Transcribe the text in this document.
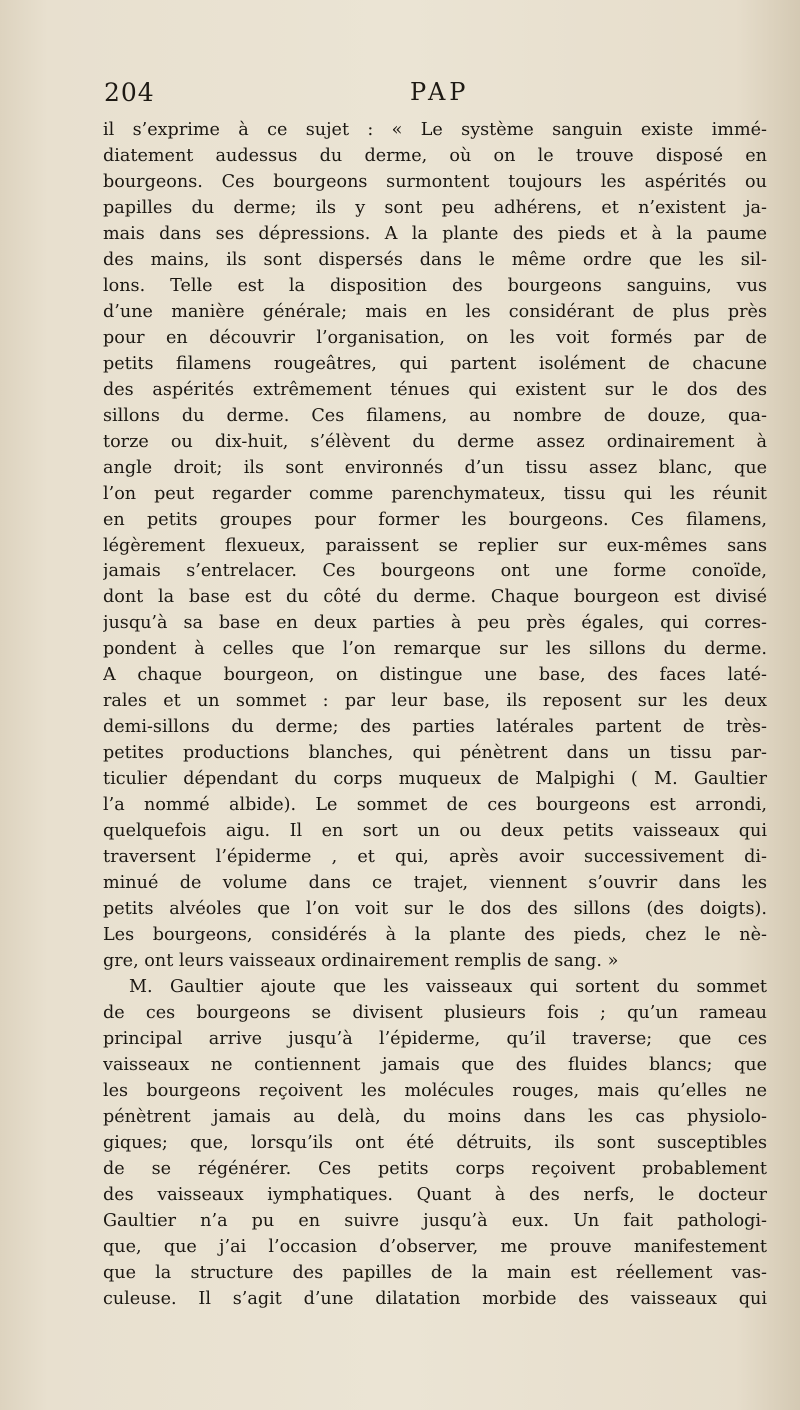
204	PAP
il s’exprime à ce sujet : « Le système sanguin existe immé-
diatement audessus du derme, où on le trouve disposé en
bourgeons. Ces bourgeons surmontent toujours les aspérités ou
papilles du derme; ils y sont peu adhérens, et n’existent ja-
mais dans ses dépressions. A la plante des pieds et à la paume
des mains, ils sont dispersés dans le même ordre que les sil-
lons. Telle est la disposition des bourgeons sanguins, vus
d’une manière générale; mais en les considérant de plus près
pour en découvrir l’organisation, on les voit formés par de
petits filamens rougeâtres, qui partent isolément de chacune
des aspérités extrêmement ténues qui existent sur le dos des
sillons du derme. Ces filamens, au nombre de douze, qua-
torze ou dix-huit, s’élèvent du derme assez ordinairement à
angle droit; ils sont environnés d’un tissu assez blanc, que
l’on peut regarder comme parenchymateux, tissu qui les réunit
en petits groupes pour former les bourgeons. Ces filamens,
légèrement flexueux, paraissent se replier sur eux-mêmes sans
jamais s’entrelacer. Ces bourgeons ont une forme conoïde,
dont la base est du côté du derme. Chaque bourgeon est divisé
jusqu’à sa base en deux parties à peu près égales, qui corres-
pondent à celles que l’on remarque sur les sillons du derme.
A chaque bourgeon, on distingue une base, des faces laté-
rales et un sommet : par leur base, ils reposent sur les deux
demi-sillons du derme; des parties latérales partent de très-
petites productions blanches, qui pénètrent dans un tissu par-
ticulier dépendant du corps muqueux de Malpighi ( M. Gaultier
l’a nommé albide). Le sommet de ces bourgeons est arrondi,
quelquefois aigu. Il en sort un ou deux petits vaisseaux qui
traversent l’épiderme , et qui, après avoir successivement di-
minué de volume dans ce trajet, viennent s’ouvrir dans les
petits alvéoles que l’on voit sur le dos des sillons (des doigts).
Les bourgeons, considérés à la plante des pieds, chez le nè-
gre, ont leurs vaisseaux ordinairement remplis de sang. »
M. Gaultier ajoute que les vaisseaux qui sortent du sommet
de ces bourgeons se divisent plusieurs fois ; qu’un rameau
principal arrive jusqu’à l’épiderme, qu’il traverse; que ces
vaisseaux ne contiennent jamais que des fluides blancs; que
les bourgeons reçoivent les molécules rouges, mais qu’elles ne
pénètrent jamais au delà, du moins dans les cas physiolo-
giques; que, lorsqu’ils ont été détruits, ils sont susceptibles
de se régénérer. Ces petits corps reçoivent probablement
des vaisseaux iymphatiques. Quant à des nerfs, le docteur
Gaultier n’a pu en suivre jusqu’à eux. Un fait pathologi-
que, que j’ai l’occasion d’observer, me prouve manifestement
que la structure des papilles de la main est réellement vas-
culeuse. Il s’agit d’une dilatation morbide des vaisseaux qui
